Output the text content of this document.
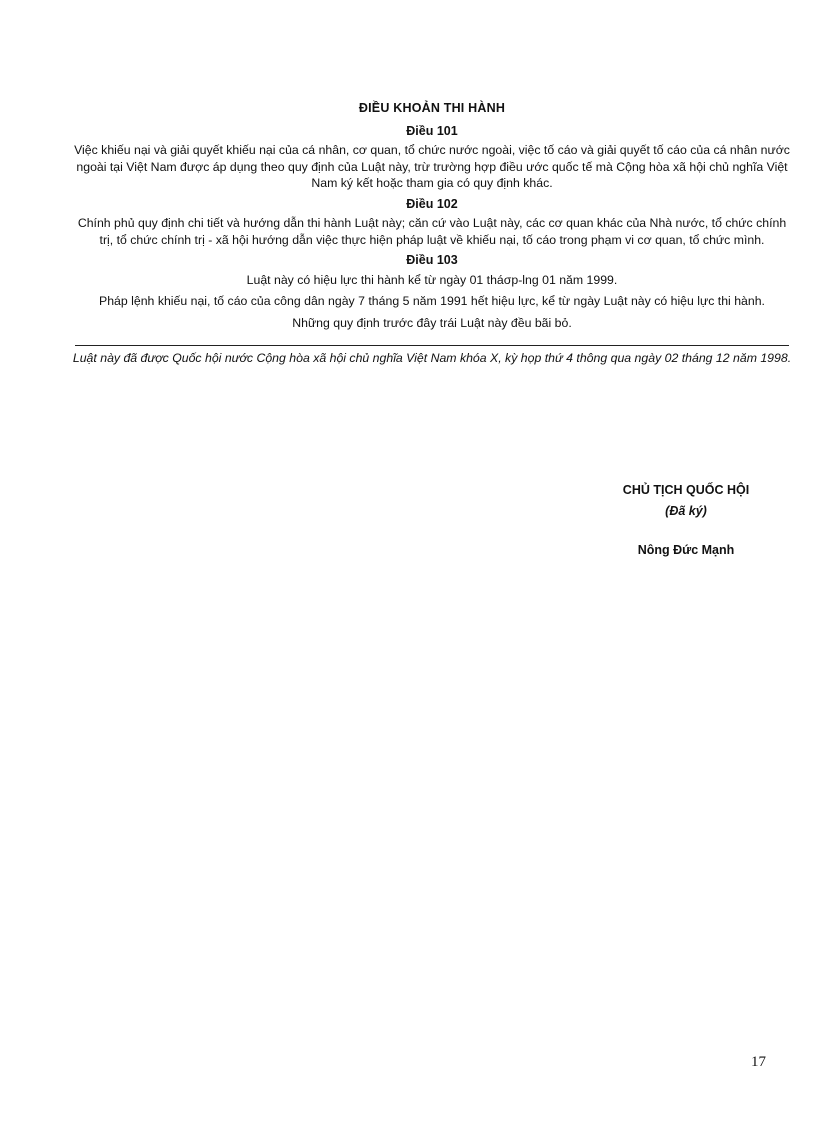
ĐIỀU KHOẢN THI HÀNH
Điều 101

Việc khiếu nại và giải quyết khiếu nại của cá nhân, cơ quan, tổ chức nước ngoài, việc tố cáo và giải quyết tố cáo của cá nhân nước ngoài tại Việt Nam được áp dụng theo quy định của Luật này, trừ trường hợp điều ước quốc tế mà Cộng hòa xã hội chủ nghĩa Việt Nam ký kết hoặc tham gia có quy định khác.

Điều 102

Chính phủ quy định chi tiết và hướng dẫn thi hành Luật này; căn cứ vào Luật này, các cơ quan khác của Nhà nước, tổ chức chính trị, tổ chức chính trị - xã hội hướng dẫn việc thực hiện pháp luật về khiếu nại, tố cáo trong phạm vi cơ quan, tổ chức mình.

Điều 103

Luật này có hiệu lực thi hành kể từ ngày 01 tháσp-lng 01 năm 1999.

Pháp lệnh khiếu nại, tố cáo của công dân ngày 7 tháng 5 năm 1991 hết hiệu lực, kể từ ngày Luật này có hiệu lực thi hành.

Những quy định trước đây trái Luật này đều bãi bỏ.

Luật này đã được Quốc hội nước Cộng hòa xã hội chủ nghĩa Việt Nam khóa X, kỳ họp thứ 4 thông qua ngày 02 tháng 12 năm 1998.

CHỦ TỊCH QUỐC HỘI
(Đã ký)
Nông Đức Mạnh
17
